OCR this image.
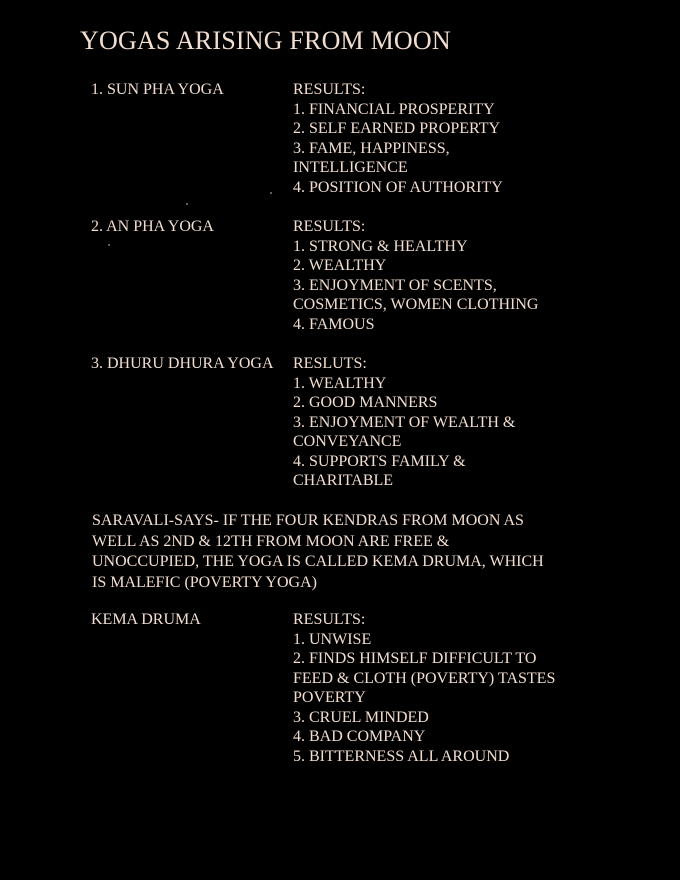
YOGAS ARISING FROM MOON
1. SUN PHA YOGA	RESULTS:
1. FINANCIAL PROSPERITY
2. SELF EARNED PROPERTY
3. FAME, HAPPINESS,
INTELLIGENCE
4. POSITION OF AUTHORITY
2. AN PHA YOGA	RESULTS:
1. STRONG & HEALTHY
2. WEALTHY
3. ENJOYMENT OF SCENTS,
COSMETICS, WOMEN CLOTHING
4. FAMOUS
3. DHURU DHURA YOGA RESLUTS:
1. WEALTHY
2. GOOD MANNERS
3. ENJOYMENT OF WEALTH &
CONVEYANCE
4. SUPPORTS FAMILY &
CHARITABLE
SARAVALI-SAYS- IF THE FOUR KENDRAS FROM MOON AS
WELL AS 2ND & 12TH FROM MOON ARE FREE &
UNOCCUPIED, THE YOGA IS CALLED KEMA DRUMA, WHICH
IS MALEFIC (POVERTY YOGA)
KEMA DRUMA	RESULTS:
1. UNWISE
2. FINDS HIMSELF DIFFICULT TO
FEED & CLOTH (POVERTY) TASTES
POVERTY
3. CRUEL MINDED
4. BAD COMPANY
5. BITTERNESS ALL AROUND
